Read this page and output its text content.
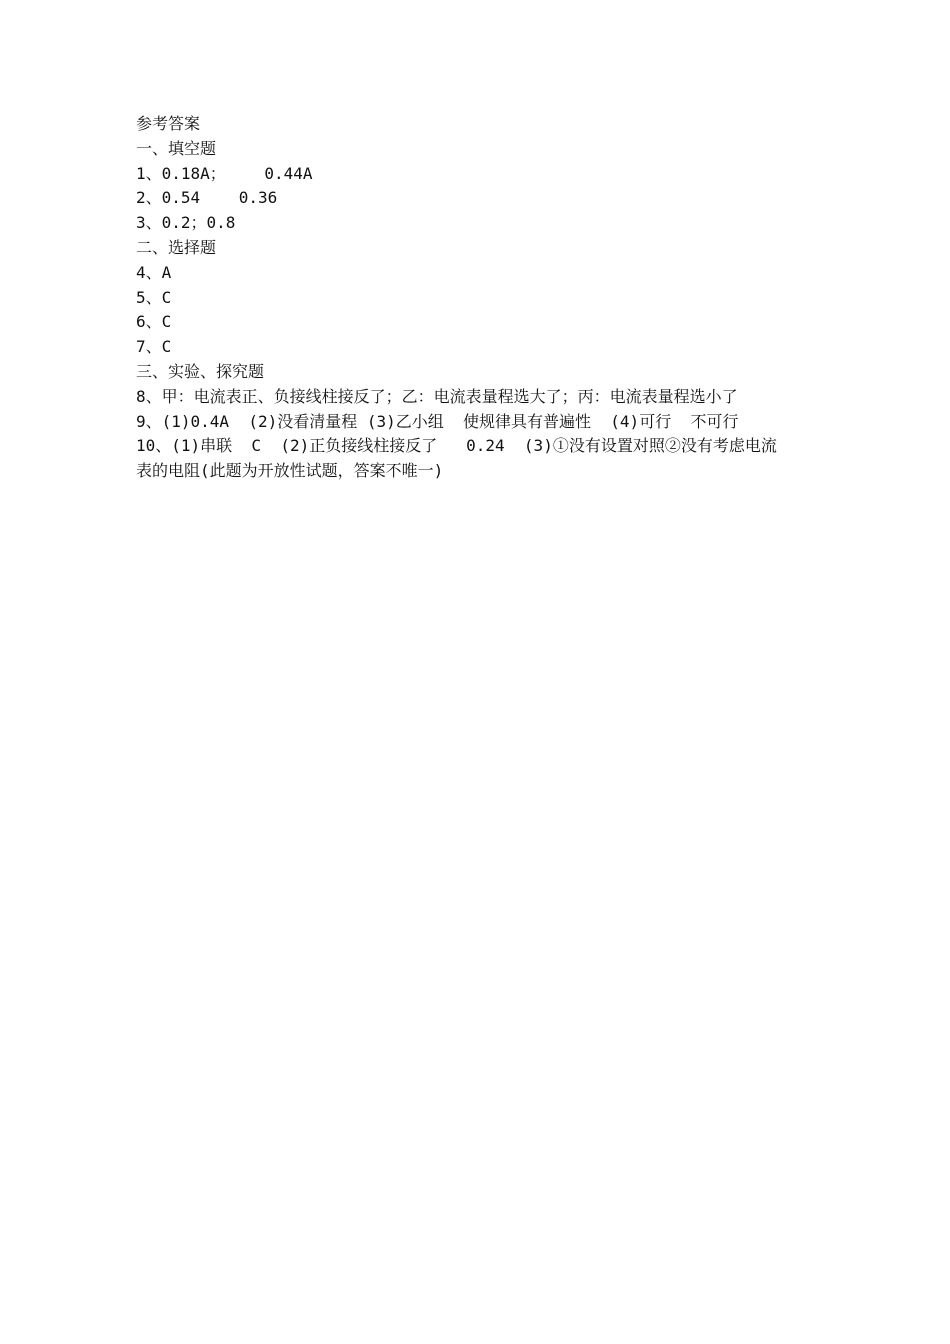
参考答案
一、填空题
1、0.18A；    0.44A
2、0.54    0.36
3、0.2；0.8
二、选择题
4、A
5、C
6、C
7、C
三、实验、探究题
8、甲：电流表正、负接线柱接反了；乙：电流表量程选大了；丙：电流表量程选小了
9、(1)0.4A  (2)没看清量程 (3)乙小组  使规律具有普遍性  (4)可行  不可行
10、(1)串联  C  (2)正负接线柱接反了   0.24  (3)①没有设置对照②没有考虑电流
表的电阻(此题为开放性试题，答案不唯一)
